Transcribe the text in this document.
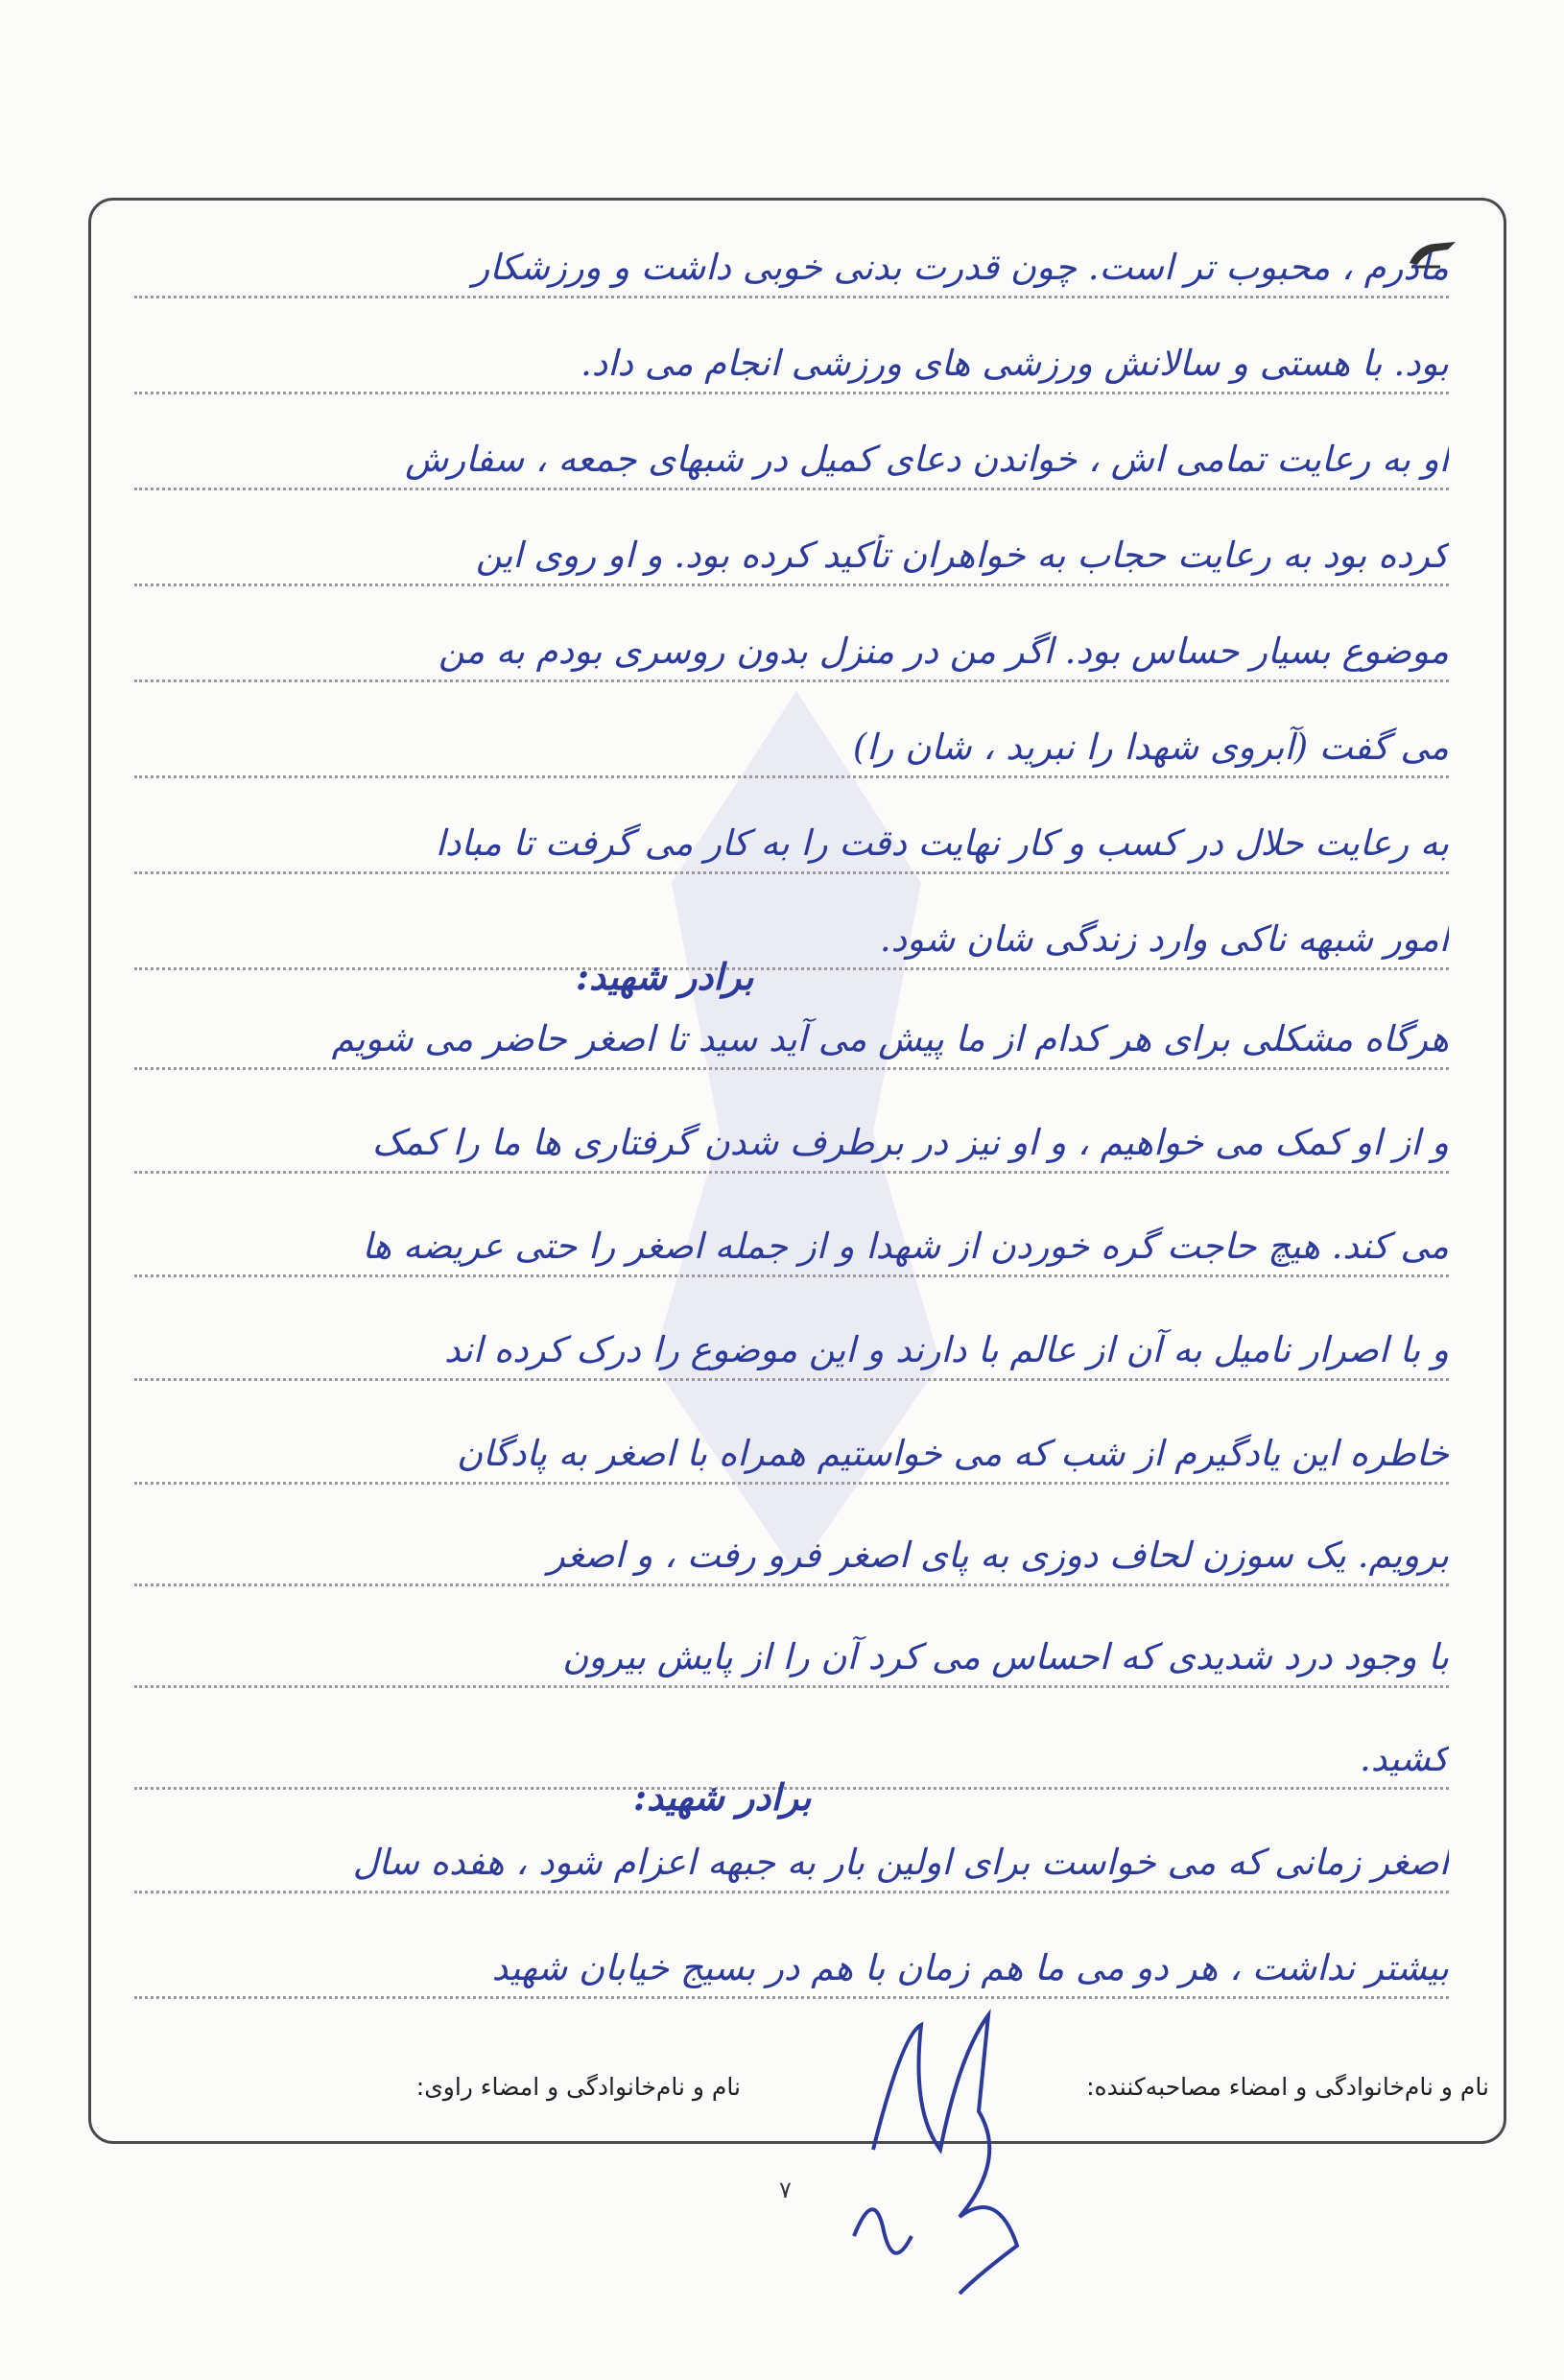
مادرم ، محبوب تر است. چون قدرت بدنی خوبی داشت و ورزشکار
بود. با هستی و سالانش ورزشی های ورزشی انجام می داد.
او به رعایت تمامی اش ، خواندن دعای کمیل در شبهای جمعه ، سفارش
کرده بود به رعایت حجاب به خواهران تأکید کرده بود. و او روی این
موضوع بسیار حساس بود. اگر من در منزل بدون روسری بودم به من
می گفت (آبروی شهدا را نبرید ، شان را)
به رعایت حلال در کسب و کار نهایت دقت را به کار می گرفت تا مبادا
امور شبهه ناکی وارد زندگی شان شود.
هرگاه مشکلی برای هر کدام از ما پیش می آید سید تا اصغر حاضر می شویم
و از او کمک می خواهیم ، و او نیز در برطرف شدن گرفتاری ها ما را کمک
می کند. هیچ حاجت گره خوردن از شهدا و از جمله اصغر را حتی عریضه ها
و با اصرار نامیل به آن از عالم با دارند و این موضوع را درک کرده اند
خاطره این یادگیرم از شب که می خواستیم همراه با اصغر به پادگان
برویم. یک سوزن لحاف دوزی به پای اصغر فرو رفت ، و اصغر
با وجود درد شدیدی که احساس می کرد آن را از پایش بیرون
کشید.
اصغر زمانی که می خواست برای اولین بار به جبهه اعزام شود ، هفده سال
بیشتر نداشت ، هر دو می ما هم زمان با هم در بسیج خیابان شهید
برادر شهید:
برادر شهید:
نام و نام‌خانوادگی و امضاء مصاحبه‌کننده:
نام و نام‌خانوادگی و امضاء راوی:
۷
